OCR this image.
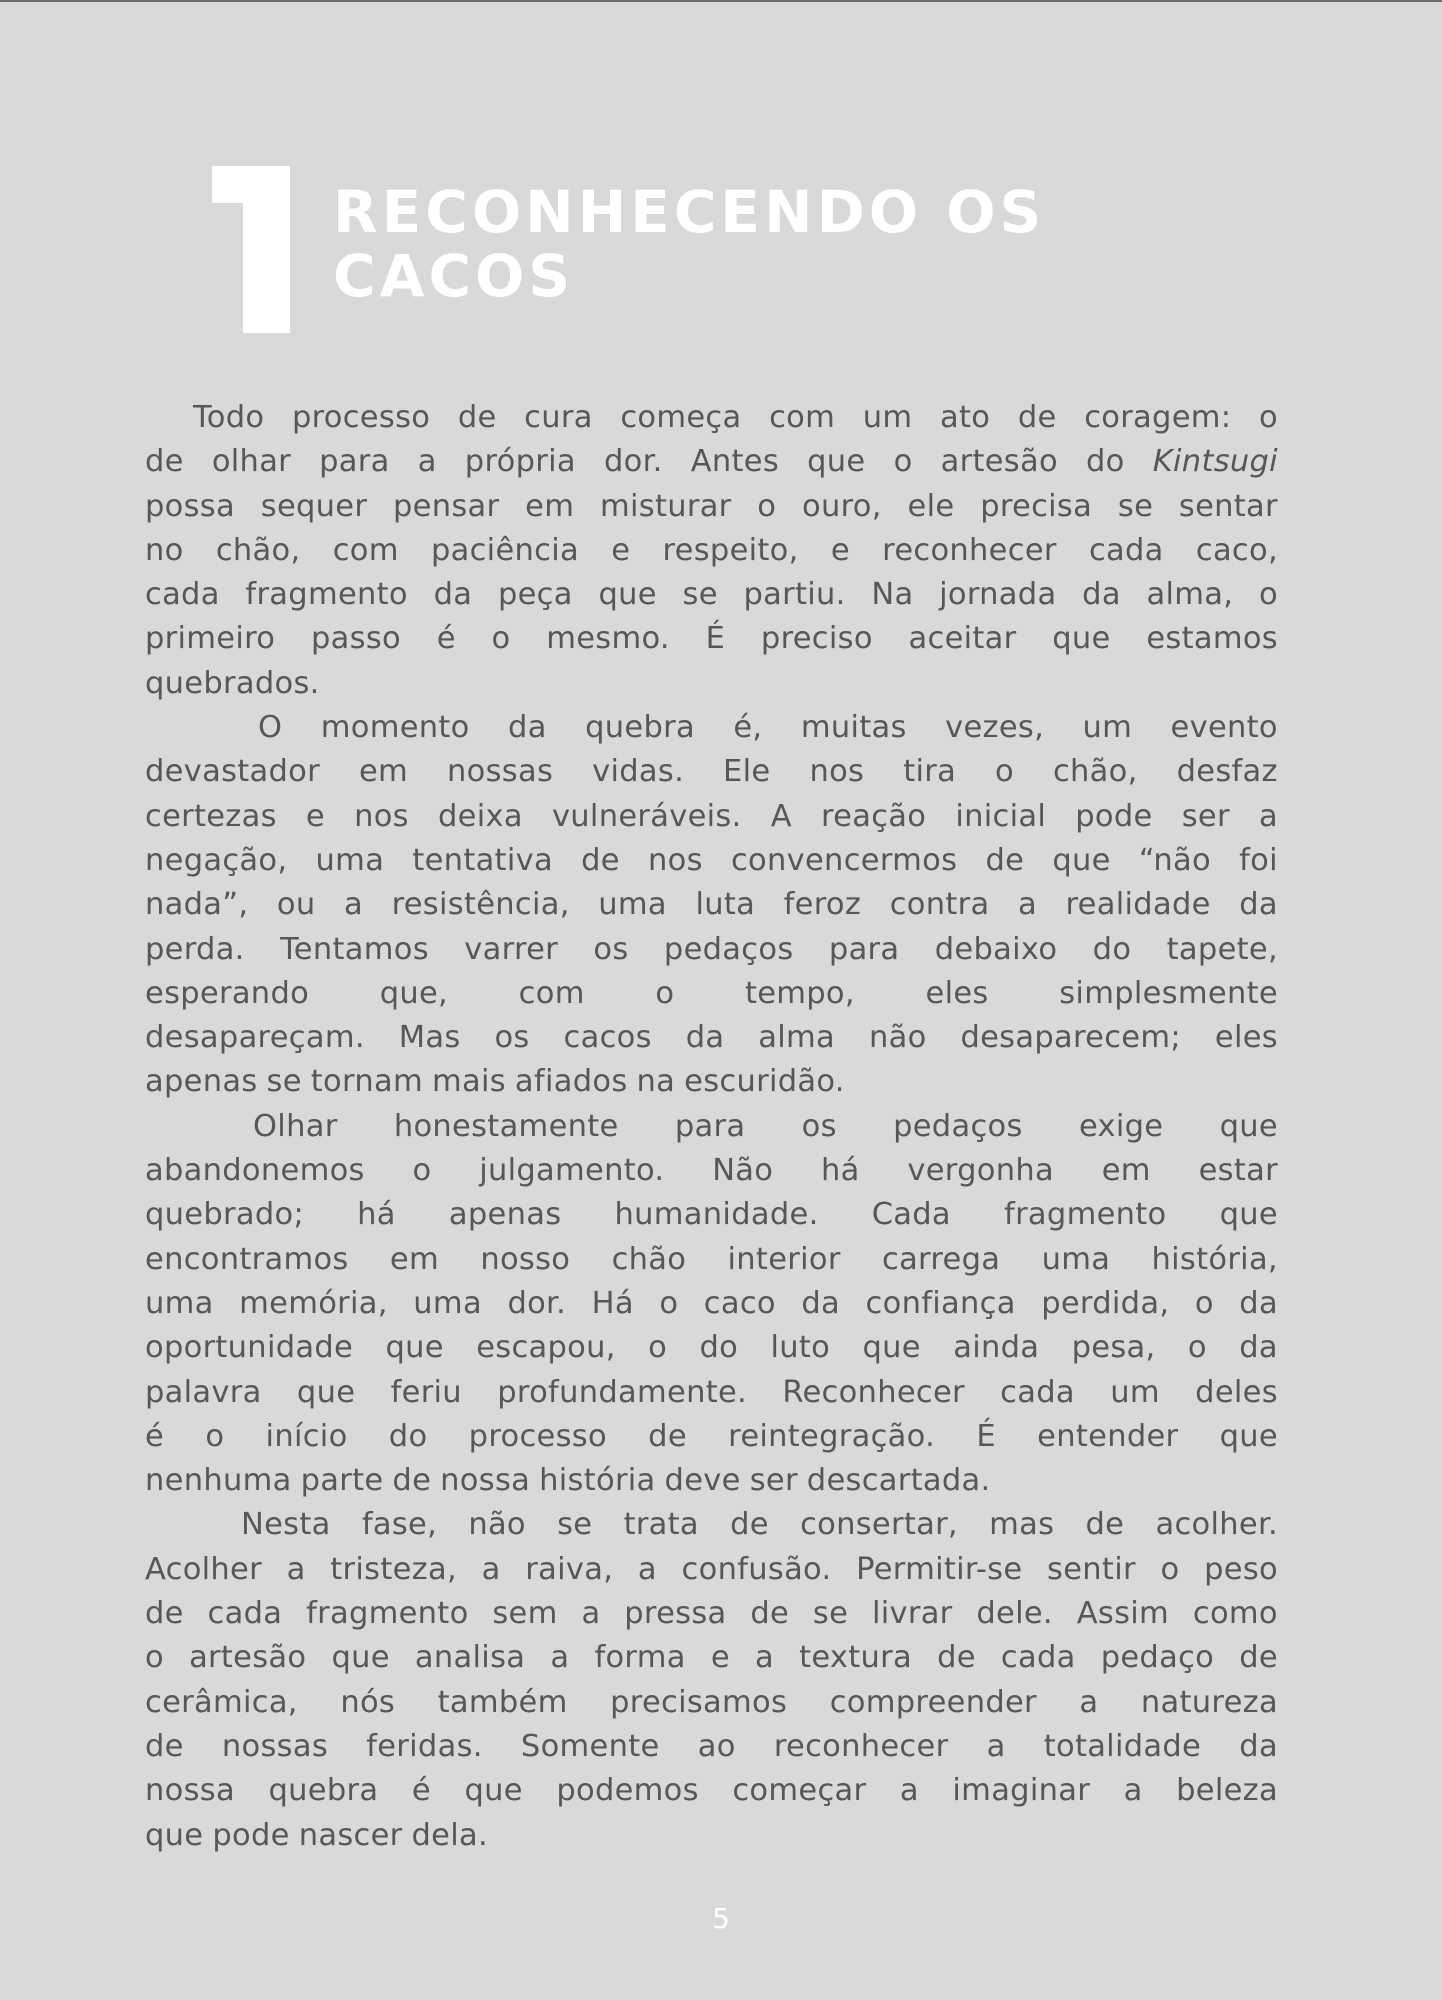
RECONHECENDO OS
CACOS
Todo processo de cura começa com um ato de coragem: o
de olhar para a própria dor. Antes que o artesão do Kintsugi
possa sequer pensar em misturar o ouro, ele precisa se sentar
no chão, com paciência e respeito, e reconhecer cada caco,
cada fragmento da peça que se partiu. Na jornada da alma, o
primeiro passo é o mesmo. É preciso aceitar que estamos
quebrados.
O momento da quebra é, muitas vezes, um evento
devastador em nossas vidas. Ele nos tira o chão, desfaz
certezas e nos deixa vulneráveis. A reação inicial pode ser a
negação, uma tentativa de nos convencermos de que “não foi
nada”, ou a resistência, uma luta feroz contra a realidade da
perda. Tentamos varrer os pedaços para debaixo do tapete,
esperando que, com o tempo, eles simplesmente
desapareçam. Mas os cacos da alma não desaparecem; eles
apenas se tornam mais afiados na escuridão.
Olhar honestamente para os pedaços exige que
abandonemos o julgamento. Não há vergonha em estar
quebrado; há apenas humanidade. Cada fragmento que
encontramos em nosso chão interior carrega uma história,
uma memória, uma dor. Há o caco da confiança perdida, o da
oportunidade que escapou, o do luto que ainda pesa, o da
palavra que feriu profundamente. Reconhecer cada um deles
é o início do processo de reintegração. É entender que
nenhuma parte de nossa história deve ser descartada.
Nesta fase, não se trata de consertar, mas de acolher.
Acolher a tristeza, a raiva, a confusão. Permitir-se sentir o peso
de cada fragmento sem a pressa de se livrar dele. Assim como
o artesão que analisa a forma e a textura de cada pedaço de
cerâmica, nós também precisamos compreender a natureza
de nossas feridas. Somente ao reconhecer a totalidade da
nossa quebra é que podemos começar a imaginar a beleza
que pode nascer dela.
5
